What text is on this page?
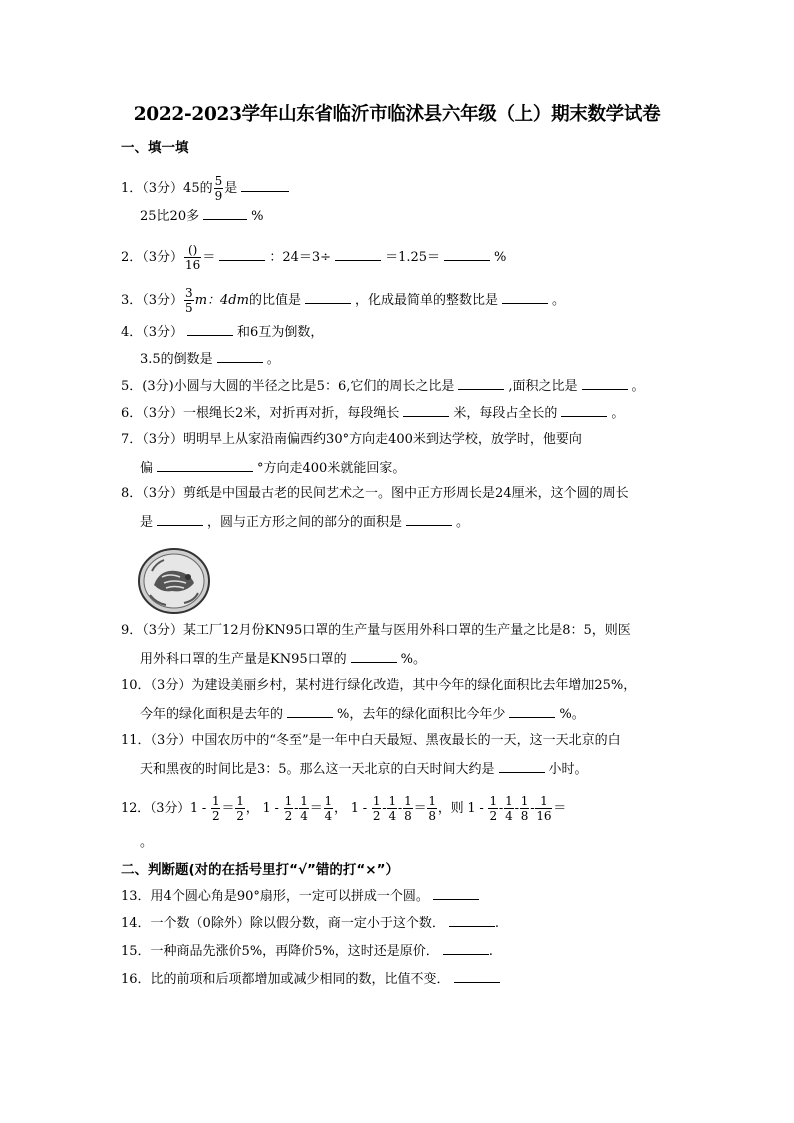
2022-2023学年山东省临沂市临沭县六年级（上）期末数学试卷
一、填一填
1．（3分）45的 $\frac{5}{9}$ 是
25比20多	%
2．（3分） $\frac{()}{16}$ ＝	：24＝3÷	＝1.25＝	%
3．（3分） $\frac{3}{5}$ m：4dm的比值是	，化成最简单的整数比是	。
4．（3分）	和6互为倒数，
3.5的倒数是	。
5．(3分)小圆与大圆的半径之比是5：6,它们的周长之比是	,面积之比是	。
6．（3分）一根绳长2米，对折再对折，每段绳长	米，每段占全长的	。
7．（3分）明明早上从家沿南偏西约30°方向走400米到达学校，放学时，他要向
偏	°方向走400米就能回家。
8．（3分）剪纸是中国最古老的民间艺术之一。图中正方形周长是24厘米，这个圆的周长
是	，圆与正方形之间的部分的面积是	。
9．（3分）某工厂12月份KN95口罩的生产量与医用外科口罩的生产量之比是8：5，则医
用外科口罩的生产量是KN95口罩的	%。
10．（3分）为建设美丽乡村，某村进行绿化改造，其中今年的绿化面积比去年增加25%，
今年的绿化面积是去年的	%，去年的绿化面积比今年少	%。
11．（3分）中国农历中的“冬至”是一年中白天最短、黑夜最长的一天，这一天北京的白
天和黑夜的时间比是3：5。那么这一天北京的白天时间大约是	小时。
12．（3分）$1 - \frac{1}{2} = \frac{1}{2}$ ， $1 - \frac{1}{2} - \frac{1}{4} = \frac{1}{4}$ ， $1 - \frac{1}{2} - \frac{1}{4} - \frac{1}{8} = \frac{1}{8}$ ，则 $1 - \frac{1}{2} - \frac{1}{4} - \frac{1}{8} - \frac{1}{16}$ ＝
。
二、判断题(对的在括号里打“√”错的打“×”）
13．用4个圆心角是90°扇形，一定可以拼成一个圆。
14．一个数（0除外）除以假分数，商一定小于这个数．	.
15．一种商品先涨价5%，再降价5%，这时还是原价．	.
16．比的前项和后项都增加或减少相同的数，比值不变．
